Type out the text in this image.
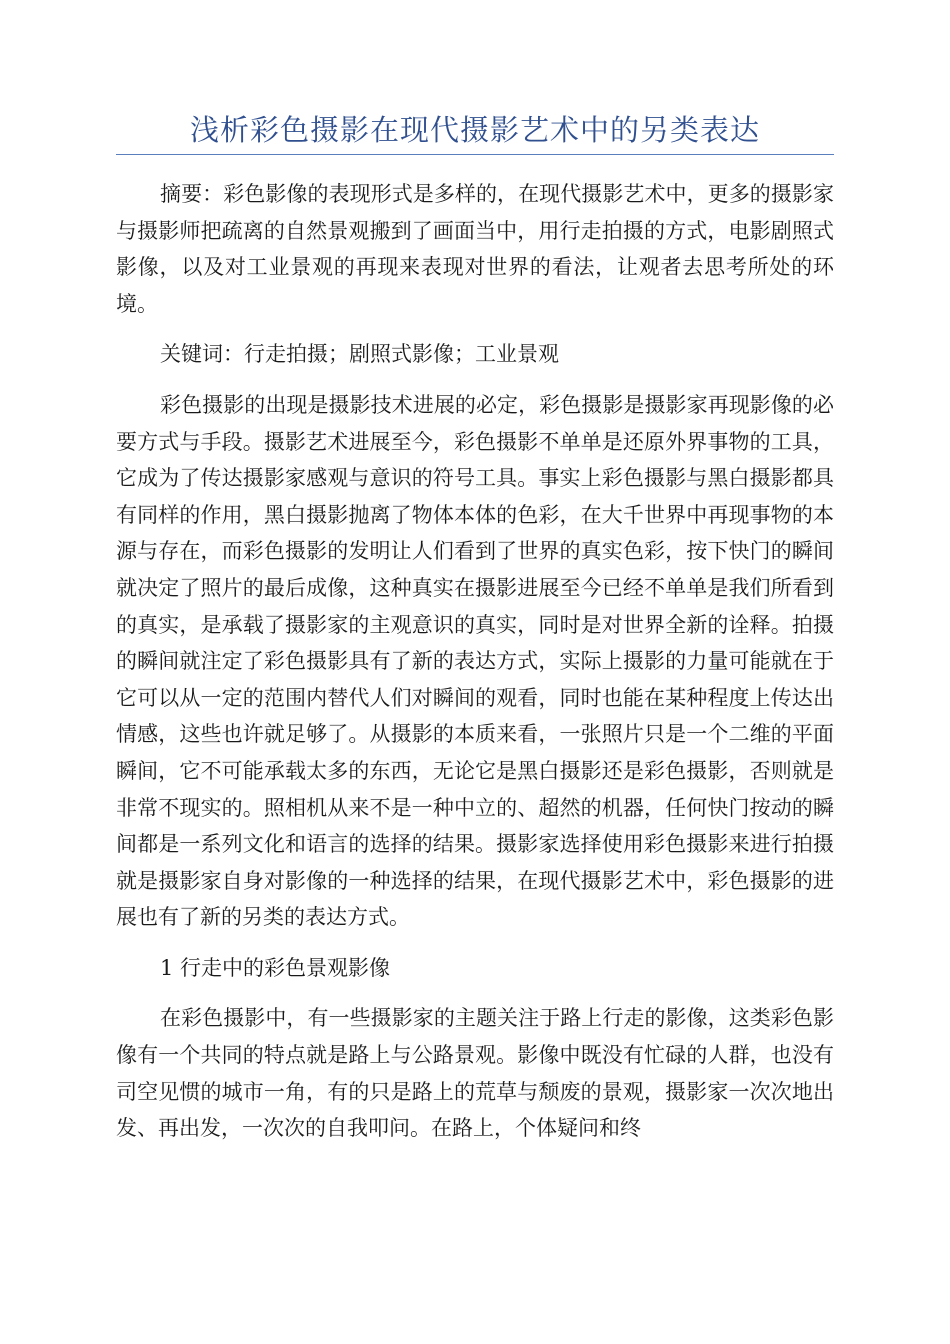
浅析彩色摄影在现代摄影艺术中的另类表达

摘要：彩色影像的表现形式是多样的，在现代摄影艺术中，更多的摄影家与摄影师把疏离的自然景观搬到了画面当中，用行走拍摄的方式，电影剧照式影像，以及对工业景观的再现来表现对世界的看法，让观者去思考所处的环境。

关键词：行走拍摄；剧照式影像；工业景观

彩色摄影的出现是摄影技术进展的必定，彩色摄影是摄影家再现影像的必要方式与手段。摄影艺术进展至今，彩色摄影不单单是还原外界事物的工具，它成为了传达摄影家感观与意识的符号工具。事实上彩色摄影与黑白摄影都具有同样的作用，黑白摄影抛离了物体本体的色彩，在大千世界中再现事物的本源与存在，而彩色摄影的发明让人们看到了世界的真实色彩，按下快门的瞬间就决定了照片的最后成像，这种真实在摄影进展至今已经不单单是我们所看到的真实，是承载了摄影家的主观意识的真实，同时是对世界全新的诠释。拍摄的瞬间就注定了彩色摄影具有了新的表达方式，实际上摄影的力量可能就在于它可以从一定的范围内替代人们对瞬间的观看，同时也能在某种程度上传达出情感，这些也许就足够了。从摄影的本质来看，一张照片只是一个二维的平面瞬间，它不可能承载太多的东西，无论它是黑白摄影还是彩色摄影，否则就是非常不现实的。照相机从来不是一种中立的、超然的机器，任何快门按动的瞬间都是一系列文化和语言的选择的结果。摄影家选择使用彩色摄影来进行拍摄就是摄影家自身对影像的一种选择的结果，在现代摄影艺术中，彩色摄影的进展也有了新的另类的表达方式。

1 行走中的彩色景观影像

在彩色摄影中，有一些摄影家的主题关注于路上行走的影像，这类彩色影像有一个共同的特点就是路上与公路景观。影像中既没有忙碌的人群，也没有司空见惯的城市一角，有的只是路上的荒草与颓废的景观，摄影家一次次地出发、再出发，一次次的自我叩问。在路上，个体疑问和终
